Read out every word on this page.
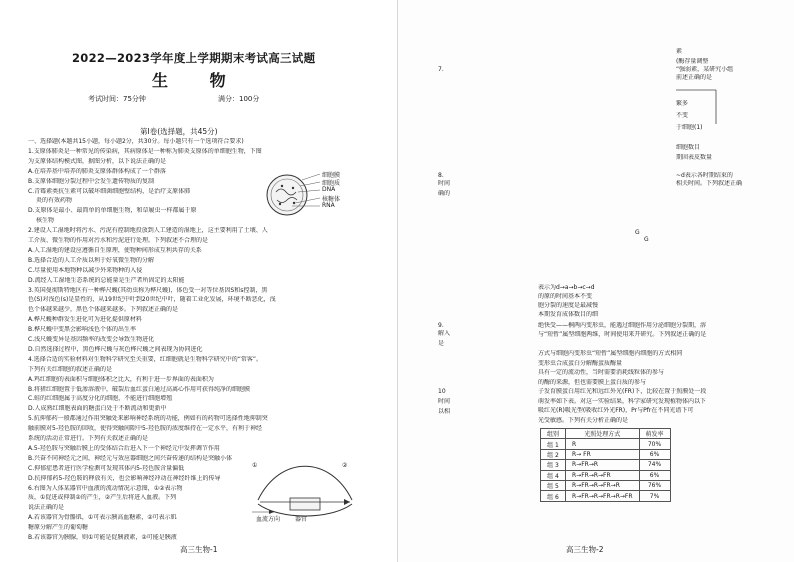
2022—2023学年度上学期期末考试高三试题
生 物
考试时间：75分钟	满分：100分
第Ⅰ卷(选择题，共45分)
一、选择题(本题共15小题，每小题2分，共30分。每小题只有一个选项符合要求)
1.支原体肺炎是一种常见的传染病，其病原体是一种称为肺炎支原体的单细胞生物，下图
为支原体结构模式图，据图分析，以下说法正确的是
A.在培养基中培养的肺炎支原体群体构成了一个群落
B.支原体细胞分裂过程中会发生遗传物质的复制
C.青霉素类抗生素可以破坏细菌细胞壁结构，是治疗支原体肺
炎的有效药物
D.支原体是最小、最简单的单细胞生物，和草履虫一样都属于原
核生物
2.建设人工湿地时将污水、污泥有控制地投放到人工建造的湿地上，这主要利用了土壤、人
工介质、微生物的作用对污水和污泥进行处理。下列叙述不合理的是
A.人工湿地的建设应遵循自生原理，使物种间形成互利共存的关系
B.选择合适的人工介质以利于好氧微生物的分解
C.尽量使用本地物种以减少外来物种的入侵
D.流经人工湿地生态系统的总能量是生产者所固定的太阳能
3.英国曼彻斯特地区有一种桦尺蠖(其幼虫称为桦尺蠖)，体色受一对等位基因S和s控制，黑
色(S)对浅色(s)是显性的，从19世纪中叶到20世纪中叶，随着工业化发展，环境不断恶化，浅
色个体越来越少，黑色个体越来越多。下列叙述正确的是
A.桦尺蠖种群发生进化可为进化提供原材料
B.桦尺蠖中变黑会影响浅色个体的出生率
C.浅尺蠖变异是基因频率的改变会导致生物进化
D.自然选择过程中，黑色桦尺蠖与灰色桦尺蠖之间表现为协同进化
4.选择合适的实验材料对生物科学研究至关重要，红细胞就是生物科学研究中的“常客”。
下列有关红细胞的叙述正确的是
A.鸡红细胞的表面积与细胞体积之比大，有利于进一步界面的表面积为
B.将猪红细胞置于低渗溶液中，破裂后血红蛋白通过高离心作用可获得纯净的细胞膜
C.蛙的红细胞属于高度分化的细胞，不能进行细胞增殖
D.人成熟红细胞表面的糖蛋白处于不断流动和更新中
5.抗抑郁药一般都通过作用突触处来影响神经系统的功能，例如有的药物可选择性地抑制突
触前膜对5-羟色胺的回收，使得突触间隙中5-羟色胺的浓度维持在一定水平，有利于神经
系统的活动正常进行。下列有关叙述正确的是
A.5-羟色胺与突触后膜上的受体结合后进入下一个神经元中发挥调节作用
B.兴奋不同神经元之间，神经元与效应器细胞之间兴奋传递的结构是突触小体
C.抑郁症患者进行医学检测可发现其体内5-羟色胺含量偏低
D.抗抑郁药5-羟色胺的释放有关，也会影响神经冲动在神经纤维上的传导
6.右图为人体某器官中血液的流动情况示意图，①②表示物
质，①促进或抑制②的产生，②产生后将进入血液。下列
说法正确的是
A.若该器官为骨骼肌，①可表示胰高血糖素，②可表示肌
糖原分解产生的葡萄糖
B.若该器官为胰腺，则①可能是促胰液素，②可能是胰液
细胞膜
细胞质
DNA
核糖体
RNA
①	②
血流方向 器官
高三生物-1
7.
8.
时间
确的
9.
解入
是
10
时间
以相
素
(酶存量调整
“强弱素，某研究小组
前述正确的是
繁多
不变
于细胞(1)
细胞数目
期固表皮数量
~d表示各时期结束的
相关时间。下列叙述正确
G
G
表示为d→a→b→c→d
的原的时间基本不变
胞分裂的速度是最减慢
本期发育成体数目的细
绝快受——桐两内变形虫，能遇过细胞作用分泌细胞分裂期，溶
与“短暂”属型细胞两维，时间使用来开研究。下列叙述正确的是
方式与细胞内变形虫“短暂”属型细胞内细胞的方式相同
变形虫合成蛋白分解酶蛋质酶量
具有一定的流动性，当时需要消耗线粒体的参与
的酶的来源，但也需要膜上蛋白质的参与
子发育膜蛋白用红光和远红外光(FR)下，比较在置于照膜处一段
萌发率如下表。对这一实验结果，科学家研究发现植物体内以下
吸红光(R)吸光型(吸收红外光FR)，Pr与Pfr在不同光谱下可
光受敏感。下列有关分析正确的是
组别	光照处理方式	萌发率
组 1	R	70%
组 2	R→ FR	6%
组 3	R→FR→R	74%
组 4	R→FR→R→FR	6%
组 5	R→FR→R→FR→R	76%
组 6	R→FR→R→FR→R→FR	7%
高三生物-2
